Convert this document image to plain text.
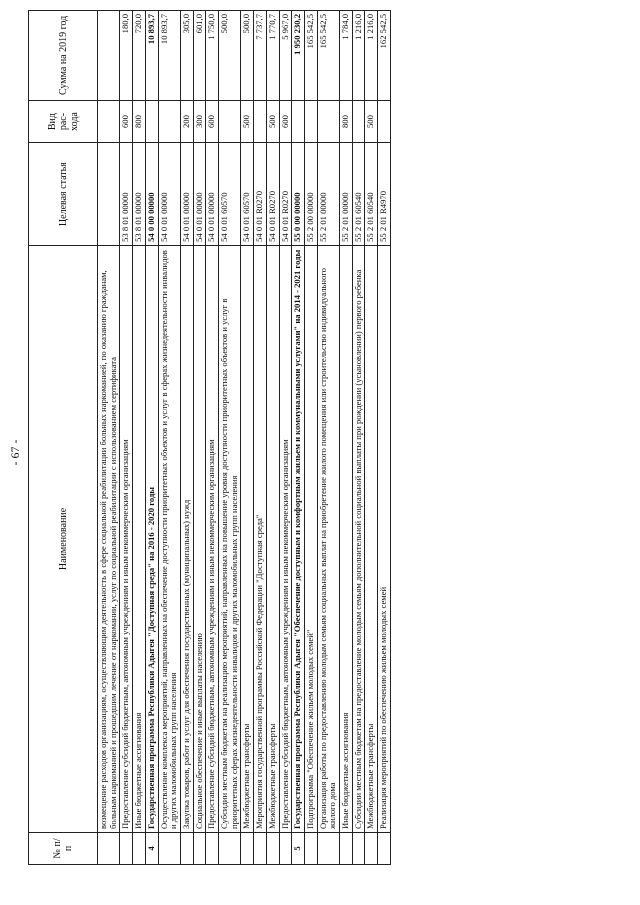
- 67 -
№ п/п	Наименование	Целевая статья	Вид рас-хода	Сумма на 2019 год
	возмещение расходов организациям, осуществляющим деятельность в сфере социальной реабилитации больных наркоманией, по оказанию гражданам, больным наркоманией и прошедшим лечение от наркомании, услуг по социальной реабилитации с использованием сертификата			
	Предоставление субсидий бюджетным, автономным учреждениям и иным некоммерческим организациям	53 8 01 00000	600	180,0
	Иные бюджетные ассигнования	53 8 01 00000	800	720,0
4	Государственная программа Республики Адыгея "Доступная среда" на 2016 - 2020 годы	54 0 00 00000		10 893,7
	Осуществление комплекса мероприятий, направленных на обеспечение доступности приоритетных объектов и услуг в сферах жизнедеятельности инвалидов и других маломобильных групп населения	54 0 01 00000		10 893,7
	Закупка товаров, работ и услуг для обеспечения государственных (муниципальных) нужд	54 0 01 00000	200	305,0
	Социальное обеспечение и иные выплаты населению	54 0 01 00000	300	601,0
	Предоставление субсидий бюджетным, автономным учреждениям и иным некоммерческим организациям	54 0 01 00000	600	1 750,0
	Субсидии местным бюджетам на реализацию мероприятий, направленных на повышение уровня доступности приоритетных объектов и услуг в приоритетных сферах жизнедеятельности инвалидов и других маломобильных групп населения	54 0 01 60570		500,0
	Межбюджетные трансферты	54 0 01 60570	500	500,0
	Мероприятия государственной программы Российской Федерации "Доступная среда"	54 0 01 R0270		7 737,7
	Межбюджетные трансферты	54 0 01 R0270	500	1 770,7
	Предоставление субсидий бюджетным, автономным учреждениям и иным некоммерческим организациям	54 0 01 R0270	600	5 967,0
5	Государственная программа Республики Адыгея "Обеспечение доступным и комфортным жильем и коммунальными услугами" на 2014 - 2021 годы	55 0 00 00000		1 950 230,2
	Подпрограмма "Обеспечение жильем молодых семей"	55 2 00 00000		165 542,5
	Организация работы по предоставлению молодым семьям социальных выплат на приобретение жилого помещения или строительство индивидуального жилого дома	55 2 01 00000		165 542,5
	Иные бюджетные ассигнования	55 2 01 00000	800	1 784,0
	Субсидии местным бюджетам на предоставление молодым семьям дополнительной социальной выплаты при рождении (усыновлении) первого ребенка	55 2 01 60540		1 216,0
	Межбюджетные трансферты	55 2 01 60540	500	1 216,0
	Реализация мероприятий по обеспечению жильем молодых семей	55 2 01 R4970		162 542,5
